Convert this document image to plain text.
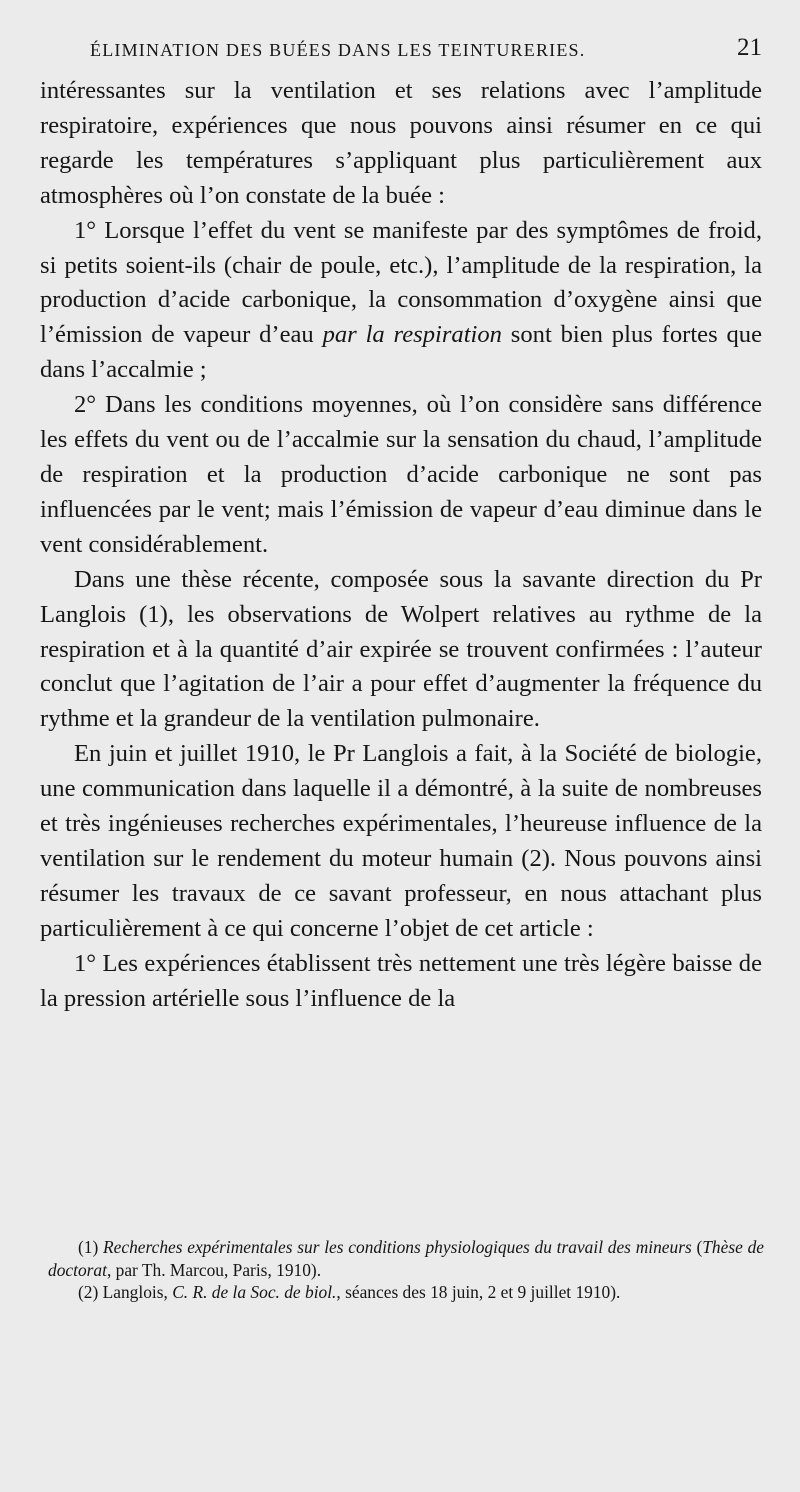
ÉLIMINATION DES BUÉES DANS LES TEINTURERIES.	21

intéressantes sur la ventilation et ses relations avec l’amplitude respiratoire, expériences que nous pouvons ainsi résumer en ce qui regarde les températures s’appliquant plus particulièrement aux atmosphères où l’on constate de la buée :

1° Lorsque l’effet du vent se manifeste par des symptômes de froid, si petits soient-ils (chair de poule, etc.), l’amplitude de la respiration, la production d’acide carbonique, la consommation d’oxygène ainsi que l’émission de vapeur d’eau par la respiration sont bien plus fortes que dans l’accalmie ;

2° Dans les conditions moyennes, où l’on considère sans différence les effets du vent ou de l’accalmie sur la sensation du chaud, l’amplitude de respiration et la production d’acide carbonique ne sont pas influencées par le vent; mais l’émission de vapeur d’eau diminue dans le vent considérablement.

Dans une thèse récente, composée sous la savante direction du Pr Langlois (1), les observations de Wolpert relatives au rythme de la respiration et à la quantité d’air expirée se trouvent confirmées : l’auteur conclut que l’agitation de l’air a pour effet d’augmenter la fréquence du rythme et la grandeur de la ventilation pulmonaire.

En juin et juillet 1910, le Pr Langlois a fait, à la Société de biologie, une communication dans laquelle il a démontré, à la suite de nombreuses et très ingénieuses recherches expérimentales, l’heureuse influence de la ventilation sur le rendement du moteur humain (2). Nous pouvons ainsi résumer les travaux de ce savant professeur, en nous attachant plus particulièrement à ce qui concerne l’objet de cet article :

1° Les expériences établissent très nettement une très légère baisse de la pression artérielle sous l’influence de la

(1) Recherches expérimentales sur les conditions physiologiques du travail des mineurs (Thèse de doctorat, par Th. Marcou, Paris, 1910).

(2) Langlois, C. R. de la Soc. de biol., séances des 18 juin, 2 et 9 juillet 1910).
